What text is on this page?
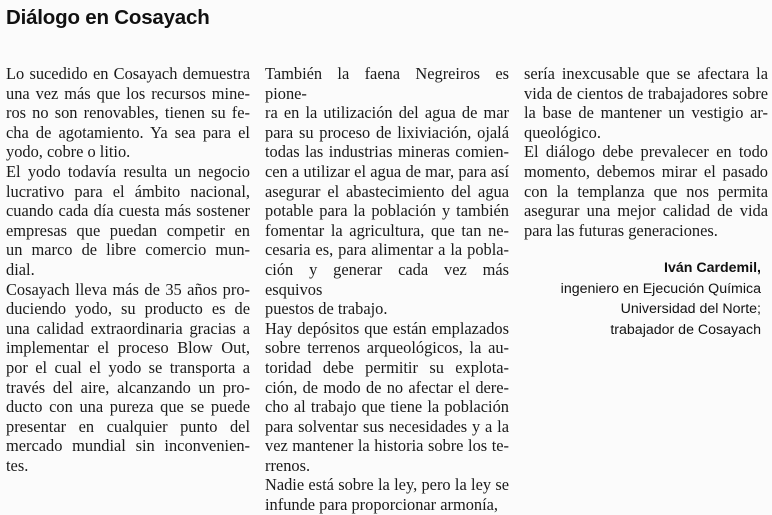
Diálogo en Cosayach

Lo sucedido en Cosayach demuestra
una vez más que los recursos mine-
ros no son renovables, tienen su fe-
cha de agotamiento. Ya sea para el
yodo, cobre o litio.

El yodo todavía resulta un negocio
lucrativo para el ámbito nacional,
cuando cada día cuesta más sostener
empresas que puedan competir en
un marco de libre comercio mun-
dial.

Cosayach lleva más de 35 años pro-
duciendo yodo, su producto es de
una calidad extraordinaria gracias a
implementar el proceso Blow Out,
por el cual el yodo se transporta a
través del aire, alcanzando un pro-
ducto con una pureza que se puede
presentar en cualquier punto del
mercado mundial sin inconvenien-
tes.

También la faena Negreiros es pione-
ra en la utilización del agua de mar
para su proceso de lixiviación, ojalá
todas las industrias mineras comien-
cen a utilizar el agua de mar, para así
asegurar el abastecimiento del agua
potable para la población y también
fomentar la agricultura, que tan ne-
cesaria es, para alimentar a la pobla-
ción y generar cada vez más esquivos
puestos de trabajo.

Hay depósitos que están emplazados
sobre terrenos arqueológicos, la au-
toridad debe permitir su explota-
ción, de modo de no afectar el dere-
cho al trabajo que tiene la población
para solventar sus necesidades y a la
vez mantener la historia sobre los te-
rrenos.

Nadie está sobre la ley, pero la ley se
infunde para proporcionar armonía,

sería inexcusable que se afectara la
vida de cientos de trabajadores sobre
la base de mantener un vestigio ar-
queológico.

El diálogo debe prevalecer en todo
momento, debemos mirar el pasado
con la templanza que nos permita
asegurar una mejor calidad de vida
para las futuras generaciones.

Iván Cardemil,
ingeniero en Ejecución Química
Universidad del Norte;
trabajador de Cosayach
